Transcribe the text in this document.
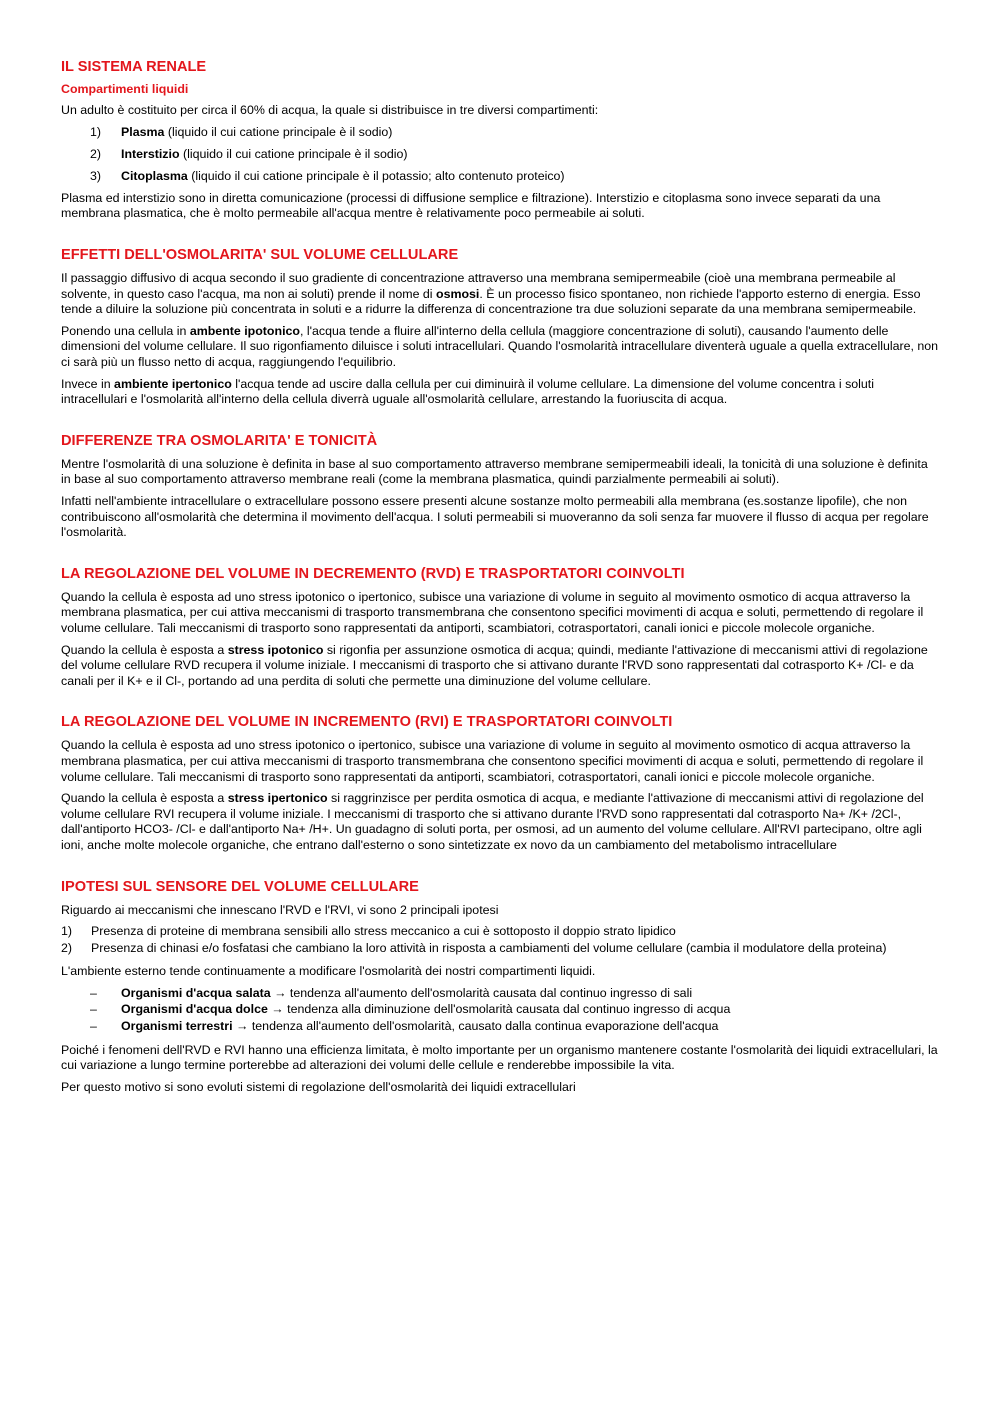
IL SISTEMA RENALE
Compartimenti liquidi

Un adulto è costituito per circa il 60% di acqua, la quale si distribuisce in tre diversi compartimenti:

1) Plasma (liquido il cui catione principale è il sodio)
2) Interstizio (liquido il cui catione principale è il sodio)
3) Citoplasma (liquido il cui catione principale è il potassio; alto contenuto proteico)

Plasma ed interstizio sono in diretta comunicazione (processi di diffusione semplice e filtrazione). Interstizio e citoplasma sono invece separati da una membrana plasmatica, che è molto permeabile all'acqua mentre è relativamente poco permeabile ai soluti.

EFFETTI DELL'OSMOLARITA' SUL VOLUME CELLULARE

Il passaggio diffusivo di acqua secondo il suo gradiente di concentrazione attraverso una membrana semipermeabile (cioè una membrana permeabile al solvente, in questo caso l'acqua, ma non ai soluti) prende il nome di osmosi. È un processo fisico spontaneo, non richiede l'apporto esterno di energia. Esso tende a diluire la soluzione più concentrata in soluti e a ridurre la differenza di concentrazione tra due soluzioni separate da una membrana semipermeabile.

Ponendo una cellula in ambente ipotonico, l'acqua tende a fluire all'interno della cellula (maggiore concentrazione di soluti), causando l'aumento delle dimensioni del volume cellulare. Il suo rigonfiamento diluisce i soluti intracellulari. Quando l'osmolarità intracellulare diventerà uguale a quella extracellulare, non ci sarà più un flusso netto di acqua, raggiungendo l'equilibrio.

Invece in ambiente ipertonico l'acqua tende ad uscire dalla cellula per cui diminuirà il volume cellulare. La dimensione del volume concentra i soluti intracellulari e l'osmolarità all'interno della cellula diverrà uguale all'osmolarità cellulare, arrestando la fuoriuscita di acqua.

DIFFERENZE TRA OSMOLARITA' E TONICITÀ

Mentre l'osmolarità di una soluzione è definita in base al suo comportamento attraverso membrane semipermeabili ideali, la tonicità di una soluzione è definita in base al suo comportamento attraverso membrane reali (come la membrana plasmatica, quindi parzialmente permeabili ai soluti).

Infatti nell'ambiente intracellulare o extracellulare possono essere presenti alcune sostanze molto permeabili alla membrana (es.sostanze lipofile), che non contribuiscono all'osmolarità che determina il movimento dell'acqua. I soluti permeabili si muoveranno da soli senza far muovere il flusso di acqua per regolare l'osmolarità.

LA REGOLAZIONE DEL VOLUME IN DECREMENTO (RVD) E TRASPORTATORI COINVOLTI

Quando la cellula è esposta ad uno stress ipotonico o ipertonico, subisce una variazione di volume in seguito al movimento osmotico di acqua attraverso la membrana plasmatica, per cui attiva meccanismi di trasporto transmembrana che consentono specifici movimenti di acqua e soluti, permettendo di regolare il volume cellulare. Tali meccanismi di trasporto sono rappresentati da antiporti, scambiatori, cotrasportatori, canali ionici e piccole molecole organiche.

Quando la cellula è esposta a stress ipotonico si rigonfia per assunzione osmotica di acqua; quindi, mediante l'attivazione di meccanismi attivi di regolazione del volume cellulare RVD recupera il volume iniziale. I meccanismi di trasporto che si attivano durante l'RVD sono rappresentati dal cotrasporto K+ /Cl- e da canali per il K+ e il Cl-, portando ad una perdita di soluti che permette una diminuzione del volume cellulare.

LA REGOLAZIONE DEL VOLUME IN INCREMENTO (RVI) E TRASPORTATORI COINVOLTI

Quando la cellula è esposta ad uno stress ipotonico o ipertonico, subisce una variazione di volume in seguito al movimento osmotico di acqua attraverso la membrana plasmatica, per cui attiva meccanismi di trasporto transmembrana che consentono specifici movimenti di acqua e soluti, permettendo di regolare il volume cellulare. Tali meccanismi di trasporto sono rappresentati da antiporti, scambiatori, cotrasportatori, canali ionici e piccole molecole organiche.

Quando la cellula è esposta a stress ipertonico si raggrinzisce per perdita osmotica di acqua, e mediante l'attivazione di meccanismi attivi di regolazione del volume cellulare RVI recupera il volume iniziale. I meccanismi di trasporto che si attivano durante l'RVD sono rappresentati dal cotrasporto Na+ /K+ /2Cl-, dall'antiporto HCO3- /Cl- e dall'antiporto Na+ /H+. Un guadagno di soluti porta, per osmosi, ad un aumento del volume cellulare. All'RVI partecipano, oltre agli ioni, anche molte molecole organiche, che entrano dall'esterno o sono sintetizzate ex novo da un cambiamento del metabolismo intracellulare

IPOTESI SUL SENSORE DEL VOLUME CELLULARE

Riguardo ai meccanismi che innescano l'RVD e l'RVI, vi sono 2 principali ipotesi

1) Presenza di proteine di membrana sensibili allo stress meccanico a cui è sottoposto il doppio strato lipidico
2) Presenza di chinasi e/o fosfatasi che cambiano la loro attività in risposta a cambiamenti del volume cellulare (cambia il modulatore della proteina)

L'ambiente esterno tende continuamente a modificare l'osmolarità dei nostri compartimenti liquidi.

– Organismi d'acqua salata → tendenza all'aumento dell'osmolarità causata dal continuo ingresso di sali
– Organismi d'acqua dolce → tendenza alla diminuzione dell'osmolarità causata dal continuo ingresso di acqua
– Organismi terrestri → tendenza all'aumento dell'osmolarità, causato dalla continua evaporazione dell'acqua

Poiché i fenomeni dell'RVD e RVI hanno una efficienza limitata, è molto importante per un organismo mantenere costante l'osmolarità dei liquidi extracellulari, la cui variazione a lungo termine porterebbe ad alterazioni dei volumi delle cellule e renderebbe impossibile la vita.

Per questo motivo si sono evoluti sistemi di regolazione dell'osmolarità dei liquidi extracellulari
